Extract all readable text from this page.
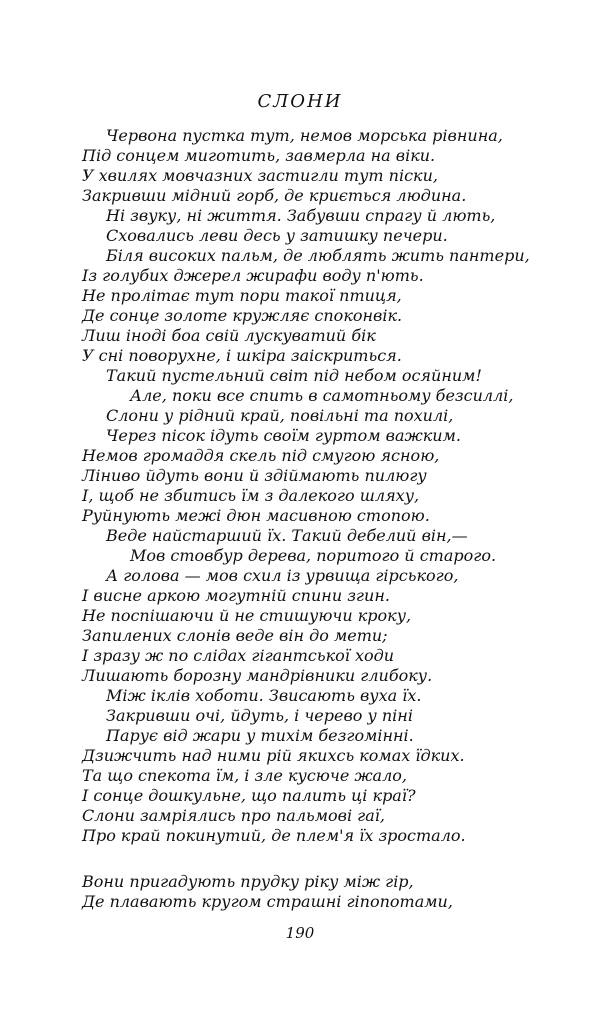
СЛОНИ
Червона пустка тут, немов морська рівнина,
Під сонцем миготить, завмерла на віки.
У хвилях мовчазних застигли тут піски,
Закривши мідний горб, де криється людина.
Ні звуку, ні життя. Забувши спрагу й лють,
Сховались леви десь у затишку печери.
Біля високих пальм, де люблять жить пантери,
Із голубих джерел жирафи воду п'ють.
Не пролітає тут пори такої птиця,
Де сонце золоте кружляє споконвік.
Лиш іноді боа свій лускуватий бік
У сні поворухне, і шкіра заіскриться.
Такий пустельний світ під небом осяйним!
Але, поки все спить в самотньому безсиллі,
Слони у рідний край, повільні та похилі,
Через пісок ідуть своїм гуртом важким.
Немов громаддя скель під смугою ясною,
Ліниво йдуть вони й здіймають пилюгу
І, щоб не збитись їм з далекого шляху,
Руйнують межі дюн масивною стопою.
Веде найстарший їх. Такий дебелий він,—
Мов стовбур дерева, поритого й старого.
А голова — мов схил із урвища гірського,
І висне аркою могутній спини згин.
Не поспішаючи й не стишуючи кроку,
Запилених слонів веде він до мети;
І зразу ж по слідах гігантської ходи
Лишають борозну мандрівники глибоку.
Між іклів хоботи. Звисають вуха їх.
Закривши очі, йдуть, і черево у піні
Парує від жари у тихім безгомінні.
Дзижчить над ними рій якихсь комах їдких.
Та що спекота їм, і зле кусюче жало,
І сонце дошкульне, що палить ці краї?
Слони замріялись про пальмові гаї,
Про край покинутий, де плем'я їх зростало.
Вони пригадують прудку ріку між гір,
Де плавають кругом страшні гіпопотами,
190
